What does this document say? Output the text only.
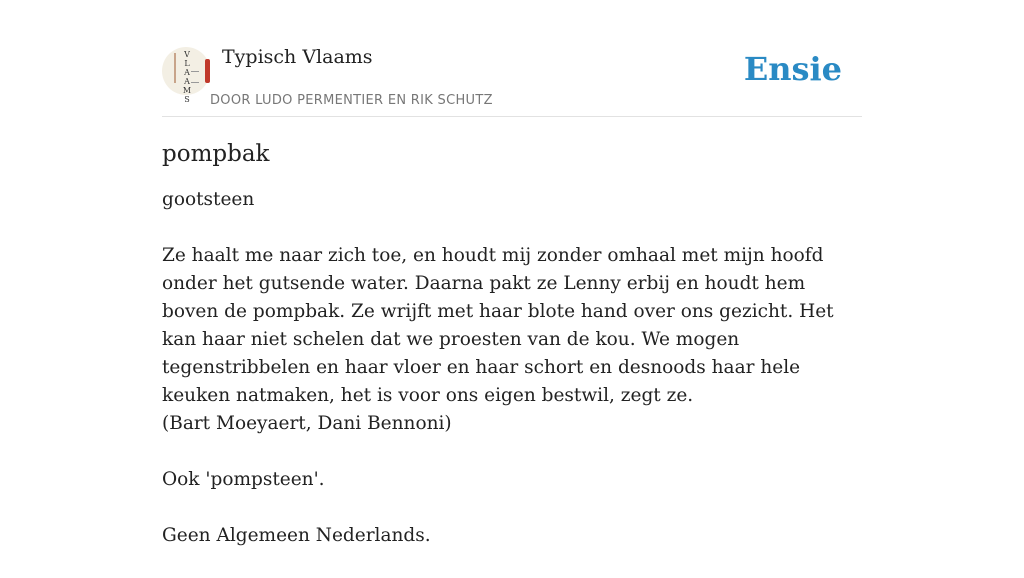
V L A A M S
Typisch Vlaams
DOOR LUDO PERMENTIER EN RIK SCHUTZ
Ensie
pompbak

gootsteen

Ze haalt me naar zich toe, en houdt mij zonder omhaal met mijn hoofd onder het gutsende water. Daarna pakt ze Lenny erbij en houdt hem boven de pompbak. Ze wrijft met haar blote hand over ons gezicht. Het kan haar niet schelen dat we proesten van de kou. We mogen tegenstribbelen en haar vloer en haar schort en desnoods haar hele keuken natmaken, het is voor ons eigen bestwil, zegt ze.
(Bart Moeyaert, Dani Bennoni)

Ook 'pompsteen'.

Geen Algemeen Nederlands.
